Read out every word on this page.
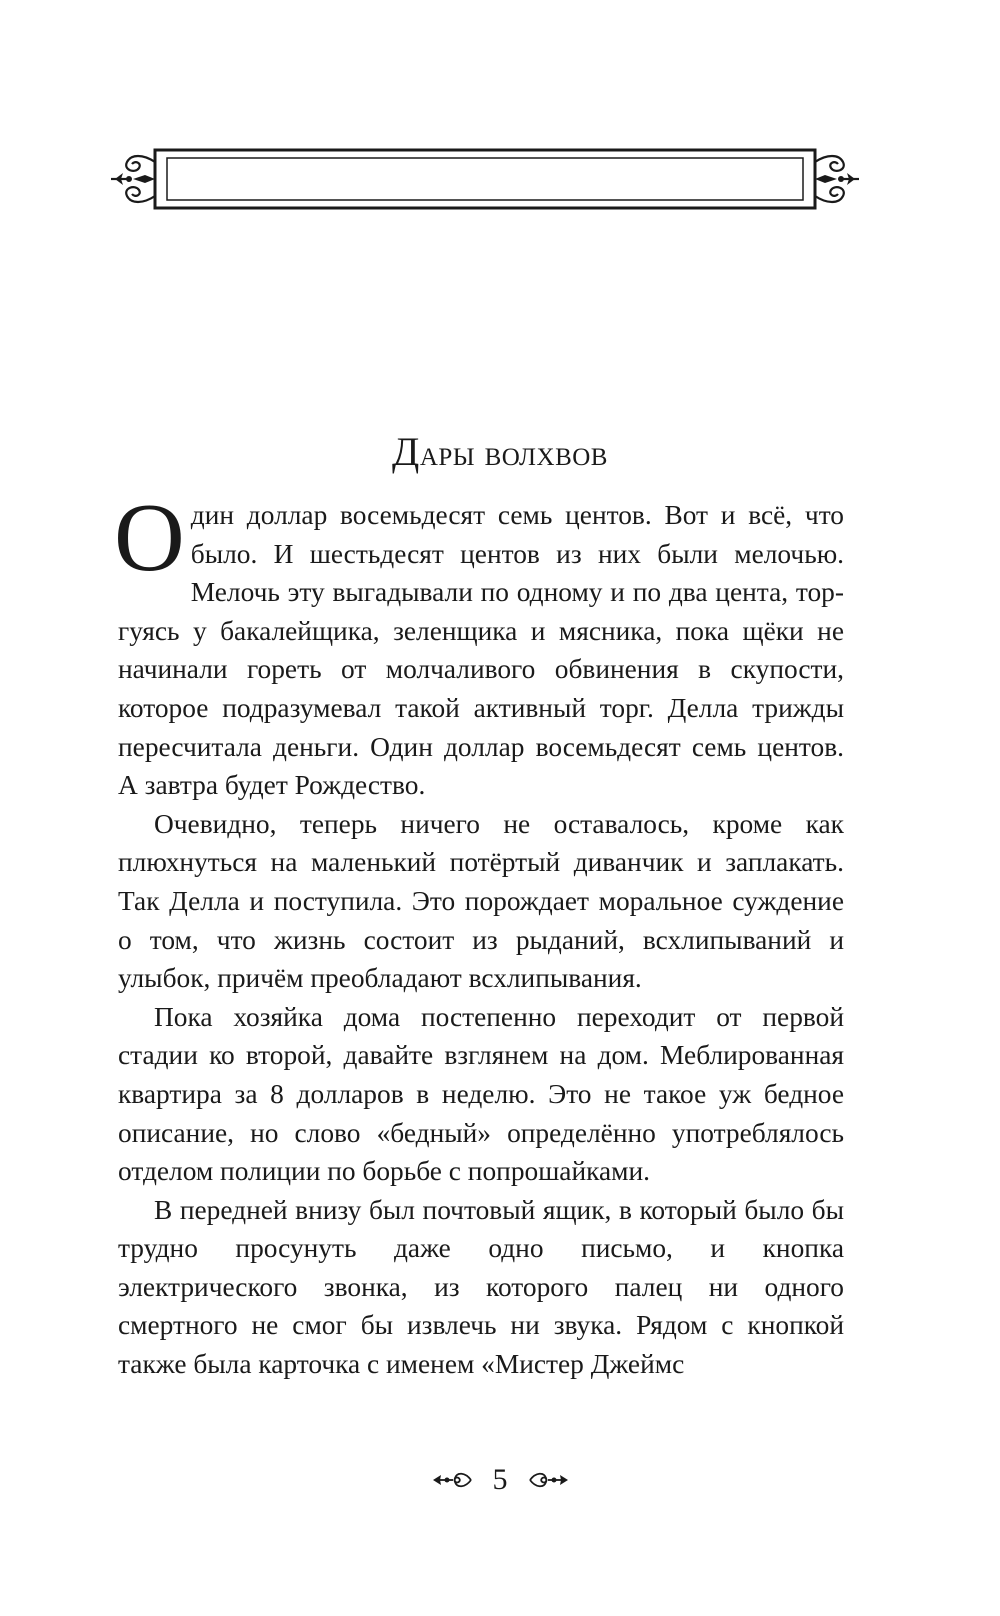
Дары волхвов

Один доллар восемьдесят семь центов. Вот и всё, что было. И шестьдесят центов из них были мелочью. Мелочь эту выгадывали по одному и по два цента, торгуясь у бакалейщика, зеленщика и мясника, пока щёки не начинали гореть от молчаливого обвинения в скупости, которое подразумевал такой активный торг. Делла трижды пересчитала деньги. Один доллар восемьдесят семь центов. А завтра будет Рождество.

Очевидно, теперь ничего не оставалось, кроме как плюхнуться на маленький потёртый диванчик и заплакать. Так Делла и поступила. Это порождает моральное суждение о том, что жизнь состоит из рыданий, всхлипываний и улыбок, причём преобладают всхлипывания.

Пока хозяйка дома постепенно переходит от первой стадии ко второй, давайте взглянем на дом. Меблированная квартира за 8 долларов в неделю. Это не такое уж бедное описание, но слово «бедный» определённо употреблялось отделом полиции по борьбе с попрошайками.

В передней внизу был почтовый ящик, в который было бы трудно просунуть даже одно письмо, и кнопка электрического звонка, из которого палец ни одного смертного не смог бы извлечь ни звука. Рядом с кнопкой также была карточка с именем «Мистер Джеймс

5
